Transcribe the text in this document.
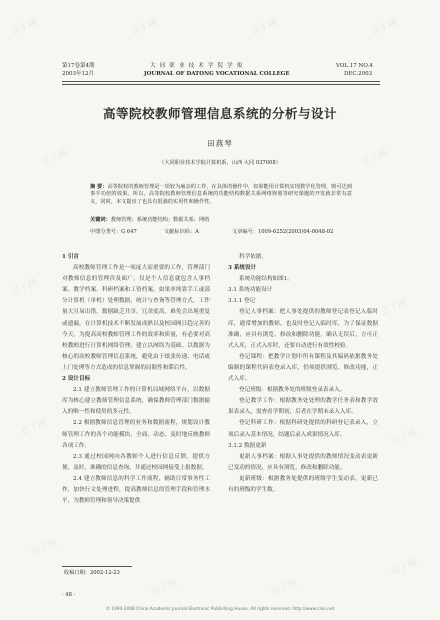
豆丁网	豆丁网	豆丁网	豆丁网
豆丁网	豆丁网
豆丁网
豆丁网
豆丁网
豆丁网
豆丁网
豆丁网	豆丁网
豆丁网
第17卷第4期
2003年12月
大 同 职 业 技 术 学 院 学 报
JOURNAL OF DATONG VOCATIONAL COLLEGE
VOL.17 NO.4
DEC.2003
高等院校教师管理信息系统的分析与设计
田燕琴
（大同职业技术学院计算机系，山西 大同 037008）
摘 要：高等院校的教师管理是一项较为麻杂的工作，在具体的操作中，如果能用计算机实现教学化管理，则可达到事半功倍的效果。所以，高等院校教师管理信息系统的功能结构数据关系网络规划等研究课题的开发就非常有意义，同时，本文提出了也具有很强的实用性和操作性。
关键词：教师管理；系统功能结构；数据关系；网络
中图分类号：G 647	文献标识码：A	文章编号：1009-6252(2003)04-0048-02

1 引言

高校教师管理工作是一项庞大而重要的工作，管理部门对教师信息的管理涉及面广，仅是个人信息就包含人事档案、教学档案、科研档案和工资档案。如果单纯靠手工或部分计算机（单机）处理数据，统计与查询等管理方式，工作量大且易出错，数据缺乏共享，冗余度高，难免会出现重复或遗漏。在计算机技术不断发展成熟以及校园网日趋完善的今天，为提高高校教师管理工作的效率和质量，有必要对高校教师进行计算机网络管理，建立以网络为基础、以数据为核心的高校教师管理信息系统，避免由于纸张传递、电话或上门处理等方式造成的信息掌握的局限性和滞后性。

2 设计目标

2.1 建立教师管理工作的计算机局域网络平台，以数据库为核心建立教师管理信息系统，确保教师管理部门数据输入的唯一性和使用的多元性。

2.2 根据教师信息管理的业务和数据流程，规划设计教师管理工作的各个功能模块，全面、动态、及时地反映教师各项工作。

2.3 通过校园网向各教师个人进行信息反馈，提供方便、及时、准确的信息查询，并通过校园网接受上报数据。

2.4 建立教师信息的科学工作流程，辅助日常事务性工作，加快行文处理进程，提高教师信息的管理手段和管理水平，为教师管理和领导决策提供

收稿日期：2002-12-23

科学依据。

3 系统设计

系统功能结构如图1。

3.1 系统功能设计

3.1.1 登记

登记人事档案：把人事处提供的教师登记表登记入临时库，通常增加的教师，也及时登记入临时库，为了保证数据准确，应具有浏览、修改和删除功能，确认无误后，方可正式入库，正式入库时，还要自动进行有效性校验。

登记课程：把教学计划中所有课程及其编码依据教务处编制的课程代码表登录入库，仍须提供浏览、修改功能，正式入库。

登记班级：根据教务处的班级登录表录入。

登记教学工作：根据教务处处理的教学任务表和教学效果表录入，需查看学期初，后者在学期末录入入库。

登记科研工作：根据科研处提供的科研登记表录入，立项后录入基本情况，结题后录入成果情况入库。

3.1.2 数据更新

更新人事档案：根据人事处提供的教师情况变动表更新已变动的情况，应具有浏览、修改和删除功能。

更新班级：根据教务处提供的班级学生变动表，更新已有的班级的学生数。

· 48 ·
© 1994-2008 China Academic Journal Electronic Publishing House. All rights reserved. http://www.cnki.net
